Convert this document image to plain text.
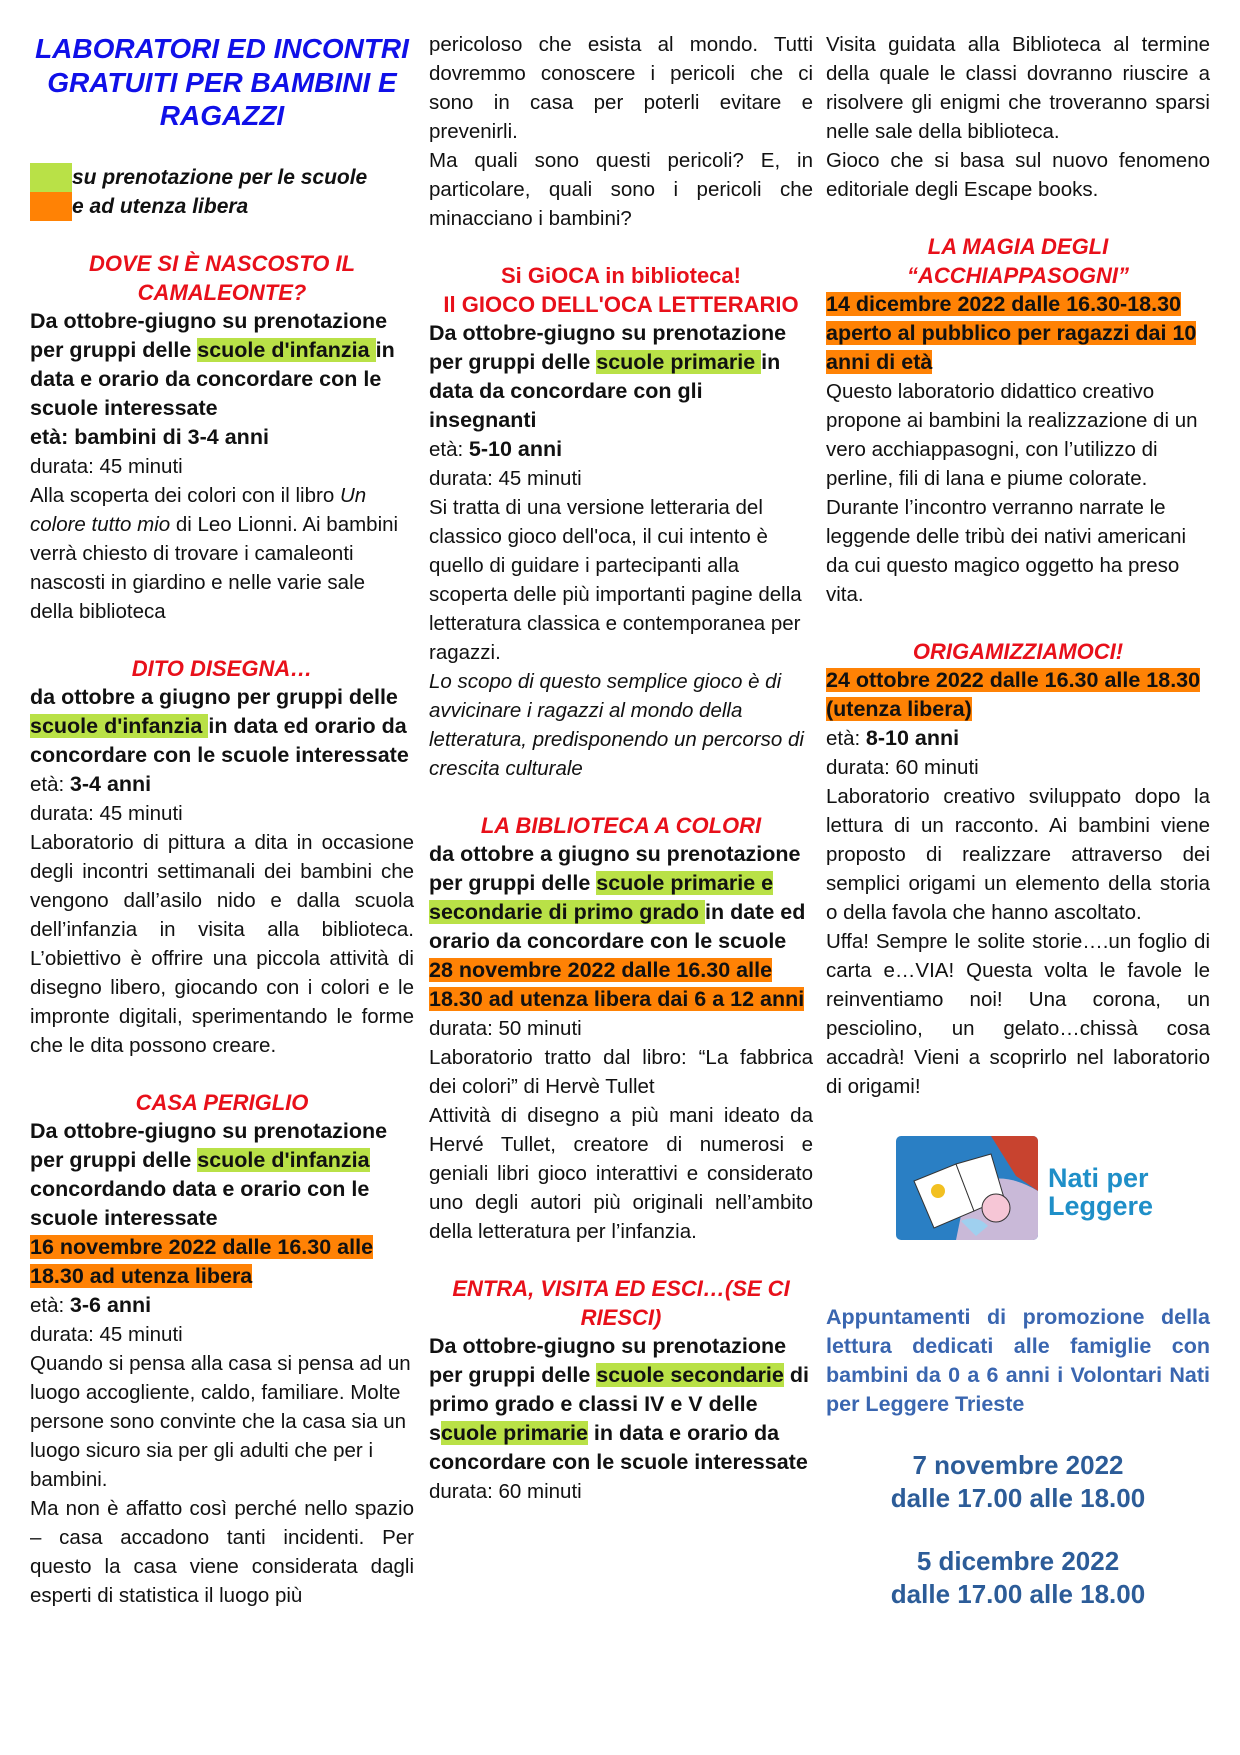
LABORATORI ED INCONTRI GRATUITI PER BAMBINI E RAGAZZI
su prenotazione per le scuole
e ad utenza libera
DOVE SI È NASCOSTO IL CAMALEONTE?

Da ottobre-giugno su prenotazione per gruppi delle scuole d'infanzia in data e orario da concordare con le scuole interessate

età: bambini di 3-4 anni

durata: 45 minuti

Alla scoperta dei colori con il libro Un colore tutto mio di Leo Lionni. Ai bambini verrà chiesto di trovare i camaleonti nascosti in giardino e nelle varie sale della biblioteca

DITO DISEGNA…

da ottobre a giugno per gruppi delle scuole d'infanzia in data ed orario da concordare con le scuole interessate

età: 3-4 anni

durata: 45 minuti

Laboratorio di pittura a dita in occasione degli incontri settimanali dei bambini che vengono dall’asilo nido e dalla scuola dell’infanzia in visita alla biblioteca. L’obiettivo è offrire una piccola attività di disegno libero, giocando con i colori e le impronte digitali, sperimentando le forme che le dita possono creare.

CASA PERIGLIO

Da ottobre-giugno su prenotazione per gruppi delle scuole d'infanzia concordando data e orario con le scuole interessate

16 novembre 2022 dalle 16.30 alle 18.30 ad utenza libera

età: 3-6 anni

durata: 45 minuti

Quando si pensa alla casa si pensa ad un luogo accogliente, caldo, familiare. Molte persone sono convinte che la casa sia un luogo sicuro sia per gli adulti che per i bambini.

Ma non è affatto così perché nello spazio – casa accadono tanti incidenti. Per questo la casa viene considerata dagli esperti di statistica il luogo più

pericoloso che esista al mondo. Tutti dovremmo conoscere i pericoli che ci sono in casa per poterli evitare e prevenirli.

Ma quali sono questi pericoli? E, in particolare, quali sono i pericoli che minacciano i bambini?

Si GiOCA in biblioteca!
Il GIOCO DELL'OCA LETTERARIO

Da ottobre-giugno su prenotazione per gruppi delle scuole primarie in data da concordare con gli insegnanti

età: 5-10 anni

durata: 45 minuti

Si tratta di una versione letteraria del classico gioco dell'oca, il cui intento è quello di guidare i partecipanti alla scoperta delle più importanti pagine della letteratura classica e contemporanea per ragazzi.

Lo scopo di questo semplice gioco è di avvicinare i ragazzi al mondo della letteratura, predisponendo un percorso di crescita culturale

LA BIBLIOTECA A COLORI

da ottobre a giugno su prenotazione per gruppi delle scuole primarie e secondarie di primo grado in date ed orario da concordare con le scuole

28 novembre 2022 dalle 16.30 alle 18.30 ad utenza libera dai 6 a 12 anni

durata: 50 minuti

Laboratorio tratto dal libro: “La fabbrica dei colori” di Hervè Tullet

Attività di disegno a più mani ideato da Hervé Tullet, creatore di numerosi e geniali libri gioco interattivi e considerato uno degli autori più originali nell’ambito della letteratura per l’infanzia.

ENTRA, VISITA ED ESCI…(SE CI RIESCI)

Da ottobre-giugno su prenotazione per gruppi delle scuole secondarie di primo grado e classi IV e V delle scuole primarie in data e orario da concordare con le scuole interessate

durata: 60 minuti

Visita guidata alla Biblioteca al termine della quale le classi dovranno riuscire a risolvere gli enigmi che troveranno sparsi nelle sale della biblioteca.

Gioco che si basa sul nuovo fenomeno editoriale degli Escape books.

LA MAGIA DEGLI “ACCHIAPPASOGNI”

14 dicembre 2022 dalle 16.30-18.30 aperto al pubblico per ragazzi dai 10 anni di età

Questo laboratorio didattico creativo propone ai bambini la realizzazione di un vero acchiappasogni, con l’utilizzo di perline, fili di lana e piume colorate. Durante l’incontro verranno narrate le leggende delle tribù dei nativi americani da cui questo magico oggetto ha preso vita.

ORIGAMIZZIAMOCI!

24 ottobre 2022 dalle 16.30 alle 18.30 (utenza libera)

età: 8-10 anni

durata: 60 minuti

Laboratorio creativo sviluppato dopo la lettura di un racconto. Ai bambini viene proposto di realizzare attraverso dei semplici origami un elemento della storia o della favola che hanno ascoltato.

Uffa! Sempre le solite storie….un foglio di carta e…VIA! Questa volta le favole le reinventiamo noi! Una corona, un pesciolino, un gelato…chissà cosa accadrà! Vieni a scoprirlo nel laboratorio di origami!

Nati per
Leggere
Appuntamenti di promozione della lettura dedicati alle famiglie con bambini da 0 a 6 anni i Volontari Nati per Leggere Trieste
7 novembre 2022
dalle 17.00 alle 18.00
5 dicembre 2022
dalle 17.00 alle 18.00
